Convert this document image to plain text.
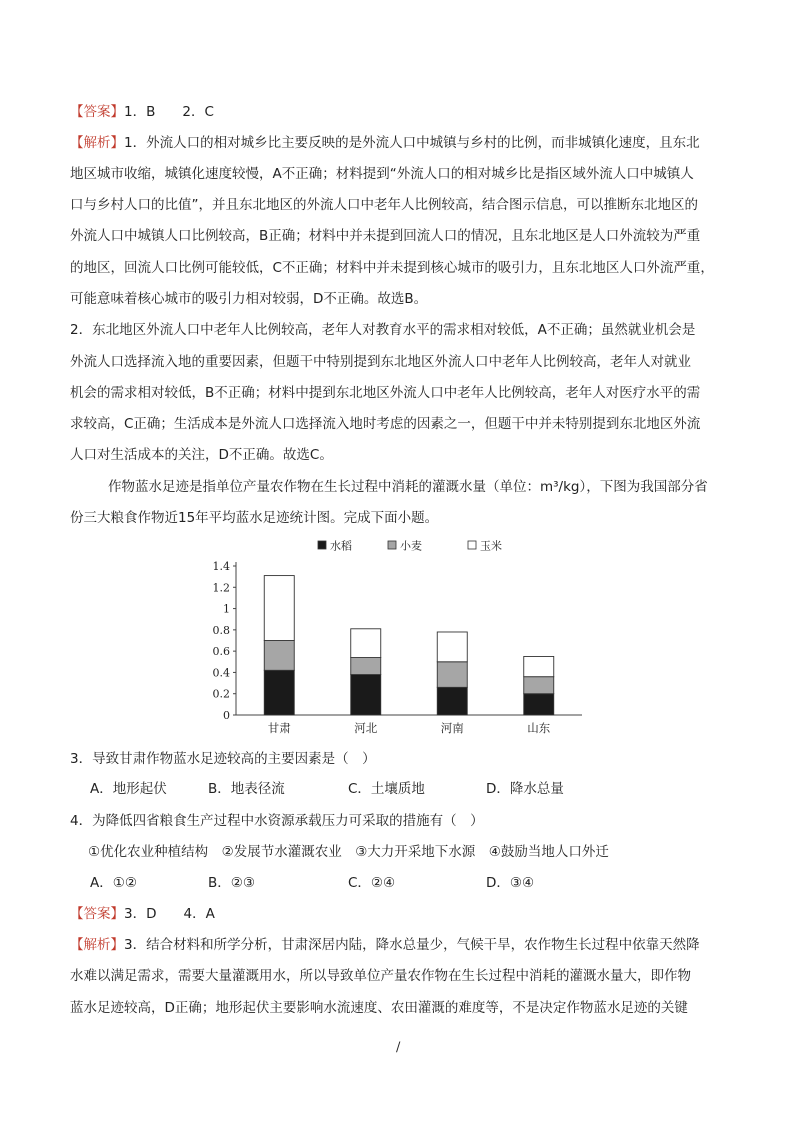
【答案】1．B　　2．C
【解析】1．外流人口的相对城乡比主要反映的是外流人口中城镇与乡村的比例，而非城镇化速度，且东北
地区城市收缩，城镇化速度较慢，A不正确；材料提到“外流人口的相对城乡比是指区域外流人口中城镇人
口与乡村人口的比值”，并且东北地区的外流人口中老年人比例较高，结合图示信息，可以推断东北地区的
外流人口中城镇人口比例较高，B正确；材料中并未提到回流人口的情况，且东北地区是人口外流较为严重
的地区，回流人口比例可能较低，C不正确；材料中并未提到核心城市的吸引力，且东北地区人口外流严重，
可能意味着核心城市的吸引力相对较弱，D不正确。故选B。
2．东北地区外流人口中老年人比例较高，老年人对教育水平的需求相对较低，A不正确；虽然就业机会是
外流人口选择流入地的重要因素，但题干中特别提到东北地区外流人口中老年人比例较高，老年人对就业
机会的需求相对较低，B不正确；材料中提到东北地区外流人口中老年人比例较高，老年人对医疗水平的需
求较高，C正确；生活成本是外流人口选择流入地时考虑的因素之一，但题干中并未特别提到东北地区外流
人口对生活成本的关注，D不正确。故选C。
作物蓝水足迹是指单位产量农作物在生长过程中消耗的灌溉水量（单位：m³/kg），下图为我国部分省
份三大粮食作物近15年平均蓝水足迹统计图。完成下面小题。
水稻	小麦	玉米
0
0.2
0.4
0.6
0.8
1
1.2
1.4
甘肃	河北	河南	山东
3．导致甘肃作物蓝水足迹较高的主要因素是（　）
A．地形起伏	B．地表径流	C．土壤质地	D．降水总量
4．为降低四省粮食生产过程中水资源承载压力可采取的措施有（　）
①优化农业种植结构　②发展节水灌溉农业　③大力开采地下水源　④鼓励当地人口外迁
A．①②	B．②③	C．②④	D．③④
【答案】3．D　　4．A
【解析】3．结合材料和所学分析，甘肃深居内陆，降水总量少，气候干旱，农作物生长过程中依靠天然降
水难以满足需求，需要大量灌溉用水，所以导致单位产量农作物在生长过程中消耗的灌溉水量大，即作物
蓝水足迹较高，D正确；地形起伏主要影响水流速度、农田灌溉的难度等，不是决定作物蓝水足迹的关键
/
